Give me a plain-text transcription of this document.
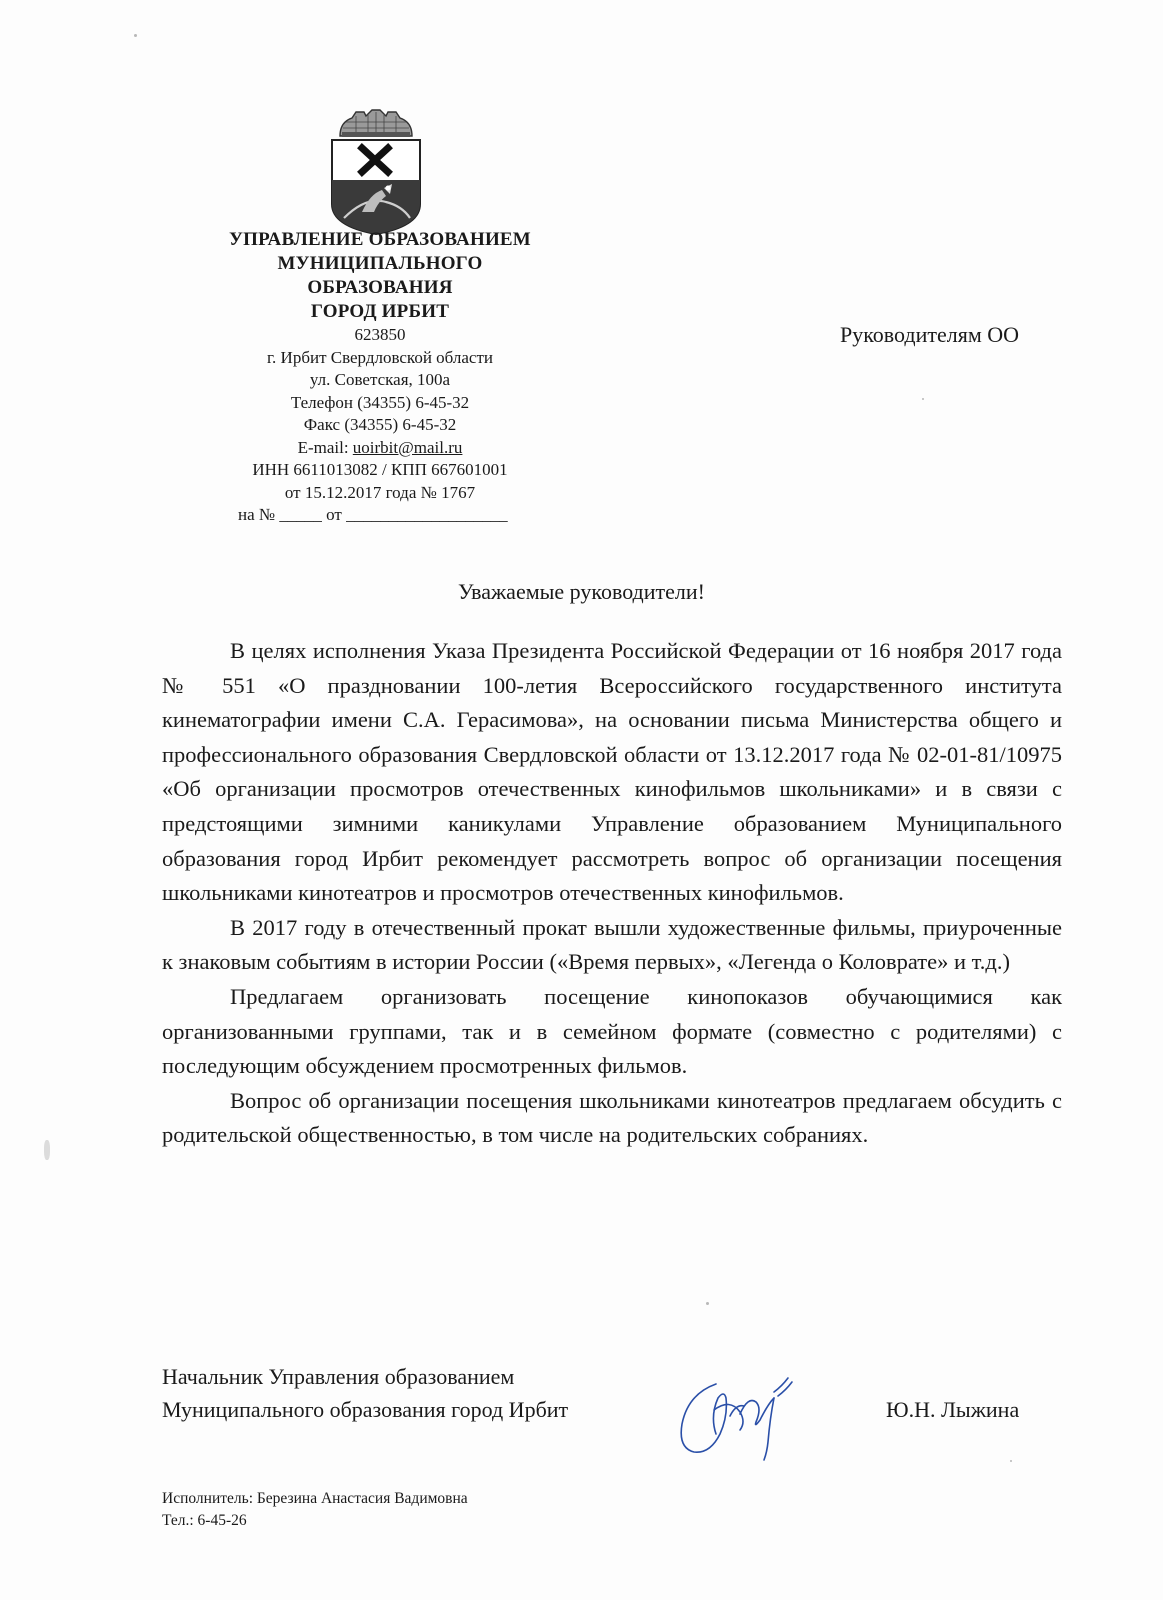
УПРАВЛЕНИЕ ОБРАЗОВАНИЕМ
МУНИЦИПАЛЬНОГО
ОБРАЗОВАНИЯ
ГОРОД ИРБИТ
623850
г. Ирбит Свердловской области
ул. Советская, 100а
Телефон (34355) 6-45-32
Факс (34355) 6-45-32
E-mail: uoirbit@mail.ru
ИНН 6611013082 / КПП 667601001
от 15.12.2017 года № 1767
на № _____ от ___________________
Руководителям ОО
Уважаемые руководители!

В целях исполнения Указа Президента Российской Федерации от 16 ноября 2017 года № 551 «О праздновании 100-летия Всероссийского государственного института кинематографии имени С.А. Герасимова», на основании письма Министерства общего и профессионального образования Свердловской области от 13.12.2017 года № 02-01-81/10975 «Об организации просмотров отечественных кинофильмов школьниками» и в связи с предстоящими зимними каникулами Управление образованием Муниципального образования город Ирбит рекомендует рассмотреть вопрос об организации посещения школьниками кинотеатров и просмотров отечественных кинофильмов.

В 2017 году в отечественный прокат вышли художественные фильмы, приуроченные к знаковым событиям в истории России («Время первых», «Легенда о Коловрате» и т.д.)

Предлагаем организовать посещение кинопоказов обучающимися как организованными группами, так и в семейном формате (совместно с родителями) с последующим обсуждением просмотренных фильмов.

Вопрос об организации посещения школьниками кинотеатров предлагаем обсудить с родительской общественностью, в том числе на родительских собраниях.

Начальник Управления образованием
Муниципального образования город Ирбит	Ю.Н. Лыжина
Исполнитель: Березина Анастасия Вадимовна
Тел.: 6-45-26
